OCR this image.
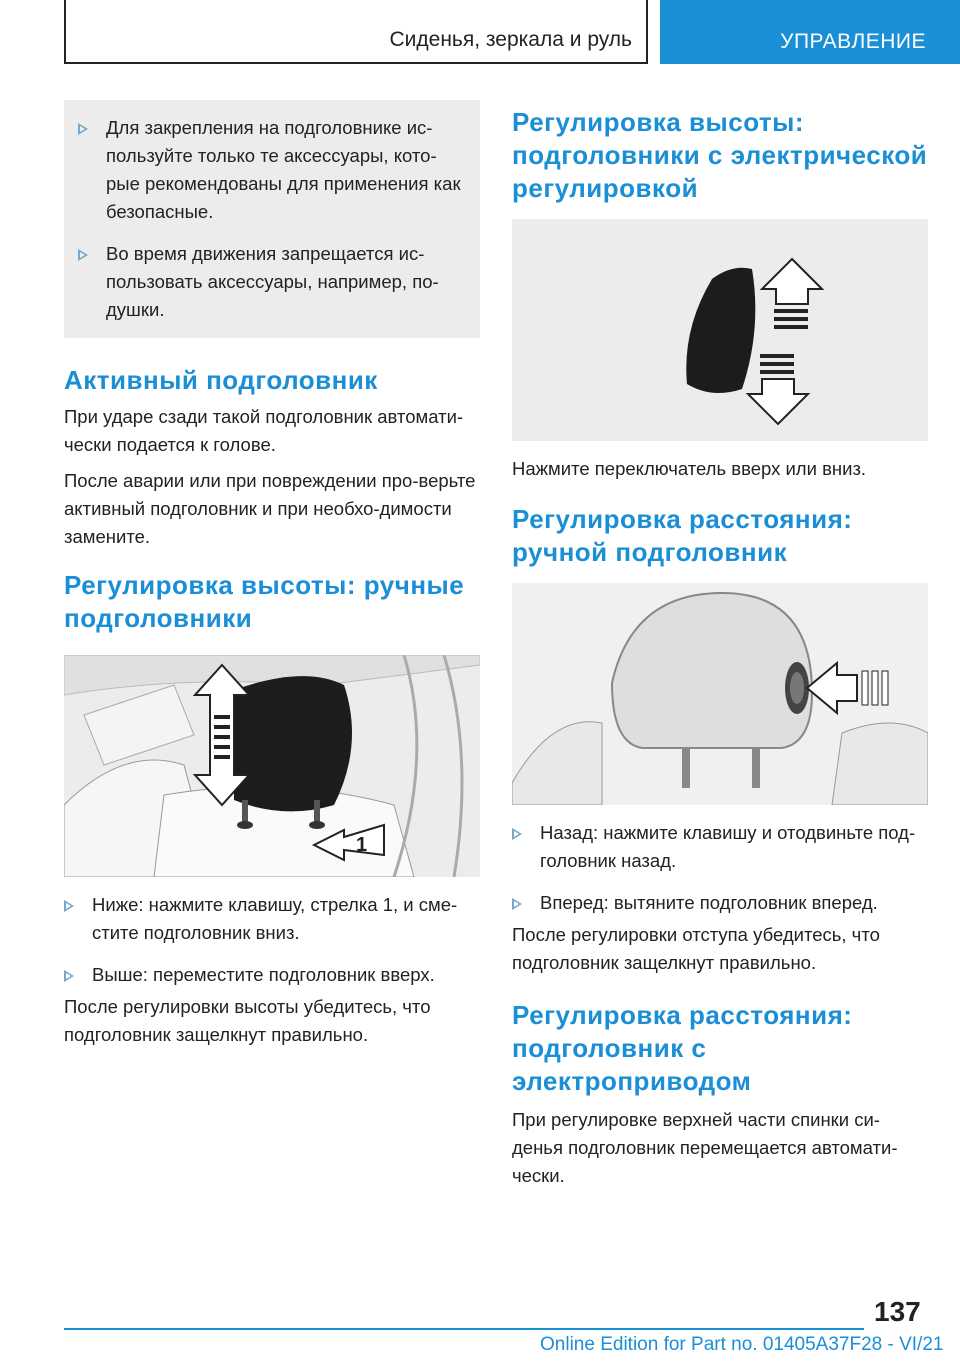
Сиденья, зеркала и руль	УПРАВЛЕНИЕ
Для закрепления на подголовнике ис-пользуйте только те аксессуары, кото-рые рекомендованы для применения как безопасные.
Во время движения запрещается ис-пользовать аксессуары, например, по-душки.
Активный подголовник

При ударе сзади такой подголовник автомати-чески подается к голове.

После аварии или при повреждении про-верьте активный подголовник и при необхо-димости замените.

Регулировка высоты: ручные подголовники
1
Ниже: нажмите клавишу, стрелка 1, и сме-стите подголовник вниз.
Выше: переместите подголовник вверх.

После регулировки высоты убедитесь, что подголовник защелкнут правильно.

Регулировка высоты: подголовники с электрической регулировкой
Нажмите переключатель вверх или вниз.
Регулировка расстояния: ручной подголовник
Назад: нажмите клавишу и отодвиньте под-головник назад.
Вперед: вытяните подголовник вперед.

После регулировки отступа убедитесь, что подголовник защелкнут правильно.

Регулировка расстояния: подголовник с электроприводом

При регулировке верхней части спинки си-денья подголовник перемещается автомати-чески.

137
Online Edition for Part no. 01405A37F28 - VI/21
